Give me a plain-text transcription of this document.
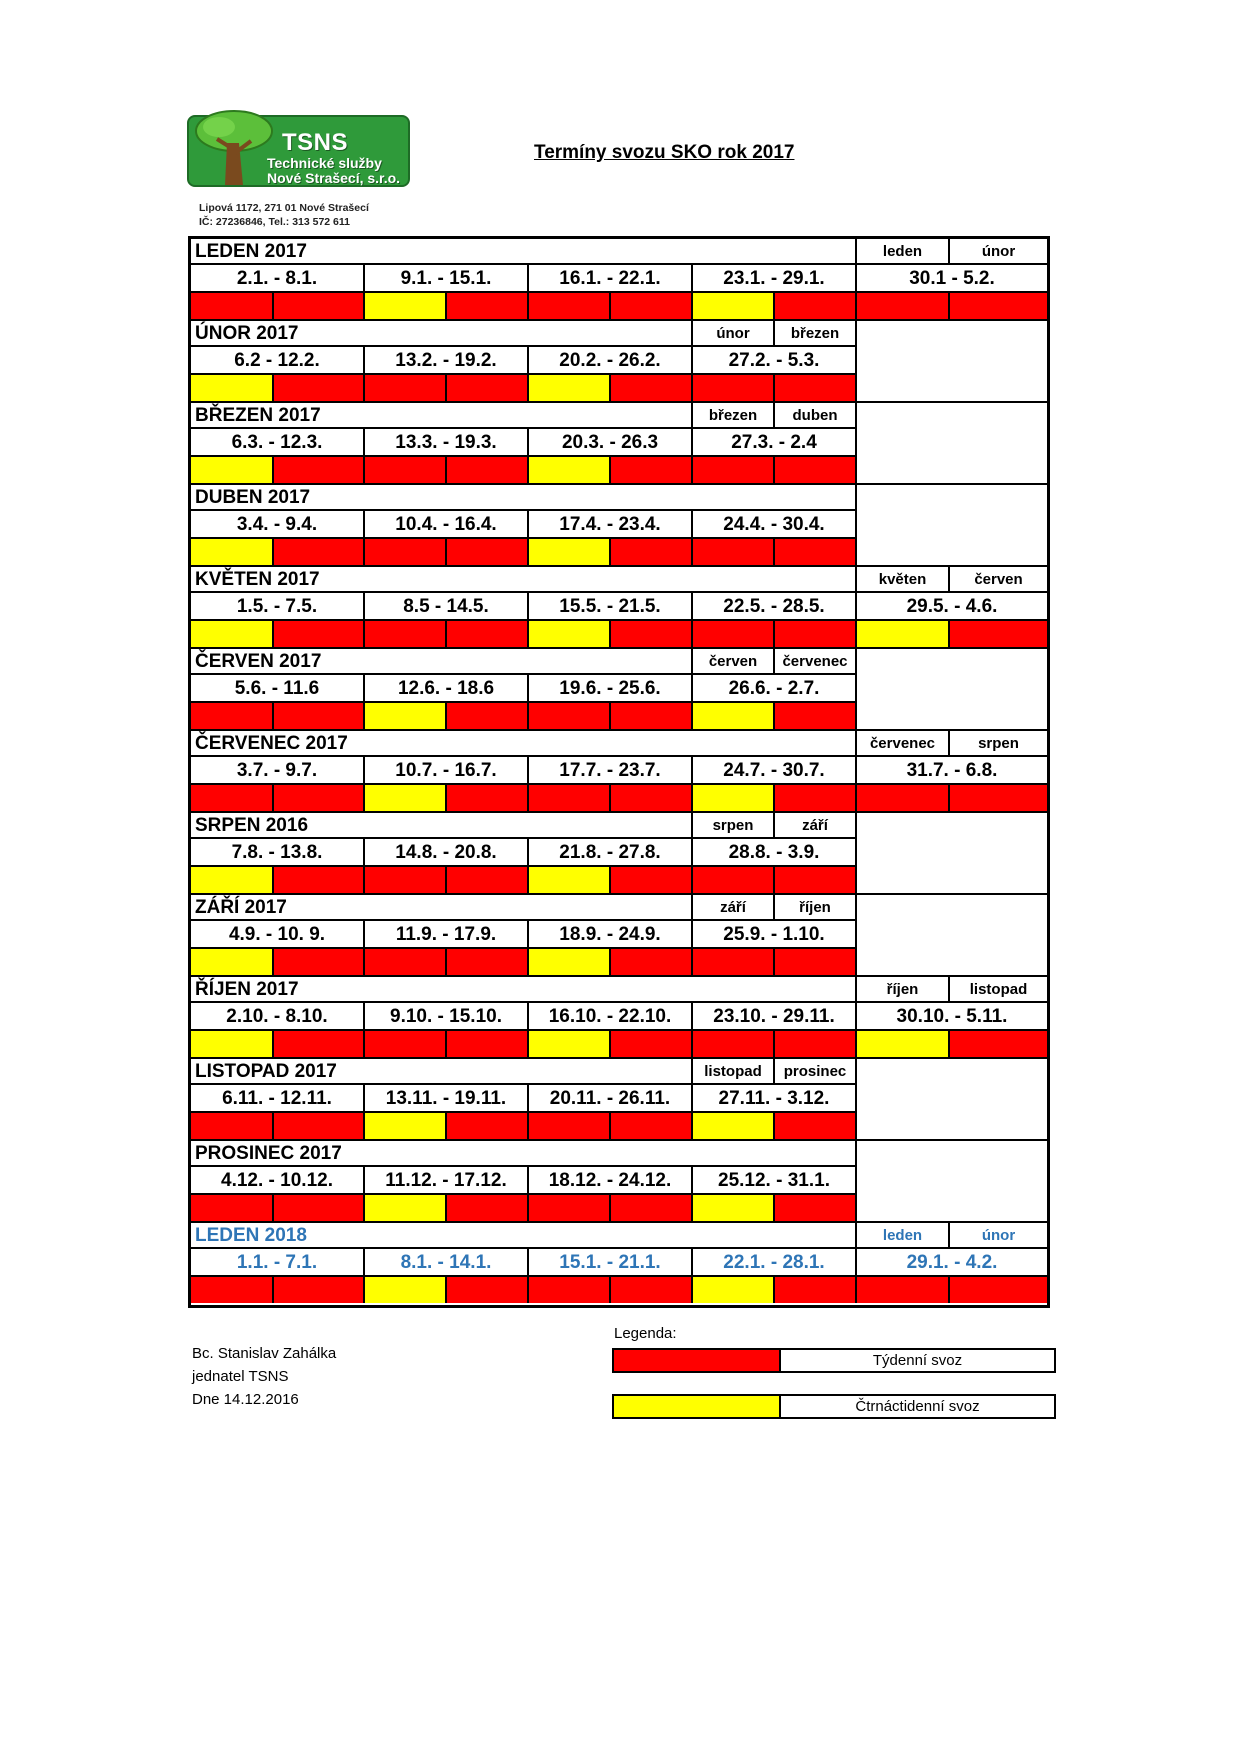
TSNS
Technické služby
Nové Strašecí, s.r.o.
Lipová 1172, 271 01 Nové Strašecí
IČ: 27236846, Tel.: 313 572 611
Termíny svozu SKO rok 2017
LEDEN 2017	leden	únor
2.1. - 8.1.	9.1. - 15.1.	16.1. - 22.1.	23.1. - 29.1.	30.1 - 5.2.
ÚNOR 2017	únor	březen
6.2 - 12.2.	13.2. - 19.2.	20.2. - 26.2.	27.2. - 5.3.
BŘEZEN 2017	březen	duben
6.3. - 12.3.	13.3. - 19.3.	20.3. - 26.3	27.3. - 2.4
DUBEN 2017
3.4. - 9.4.	10.4. - 16.4.	17.4. - 23.4.	24.4. - 30.4.
KVĚTEN 2017	květen	červen
1.5. - 7.5.	8.5 - 14.5.	15.5. - 21.5.	22.5. - 28.5.	29.5. - 4.6.
ČERVEN 2017	červen	červenec
5.6. - 11.6	12.6. - 18.6	19.6. - 25.6.	26.6. - 2.7.
ČERVENEC 2017	červenec	srpen
3.7. - 9.7.	10.7. - 16.7.	17.7. - 23.7.	24.7. - 30.7.	31.7. - 6.8.
SRPEN 2016	srpen	září
7.8. - 13.8.	14.8. - 20.8.	21.8. - 27.8.	28.8. - 3.9.
ZÁŘÍ 2017	září	říjen
4.9. - 10. 9.	11.9. - 17.9.	18.9. - 24.9.	25.9. - 1.10.
ŘÍJEN 2017	říjen	listopad
2.10. - 8.10.	9.10. - 15.10.	16.10. - 22.10.	23.10. - 29.11.	30.10. - 5.11.
LISTOPAD 2017	listopad	prosinec
6.11. - 12.11.	13.11. - 19.11.	20.11. - 26.11.	27.11. - 3.12.
PROSINEC 2017
4.12. - 10.12.	11.12. - 17.12.	18.12. - 24.12.	25.12. - 31.1.
LEDEN 2018	leden	únor
1.1. - 7.1.	8.1. - 14.1.	15.1. - 21.1.	22.1. - 28.1.	29.1. - 4.2.
Bc. Stanislav Zahálka
jednatel TSNS
Dne 14.12.2016
Legenda:
Týdenní svoz
Čtrnáctidenní svoz
